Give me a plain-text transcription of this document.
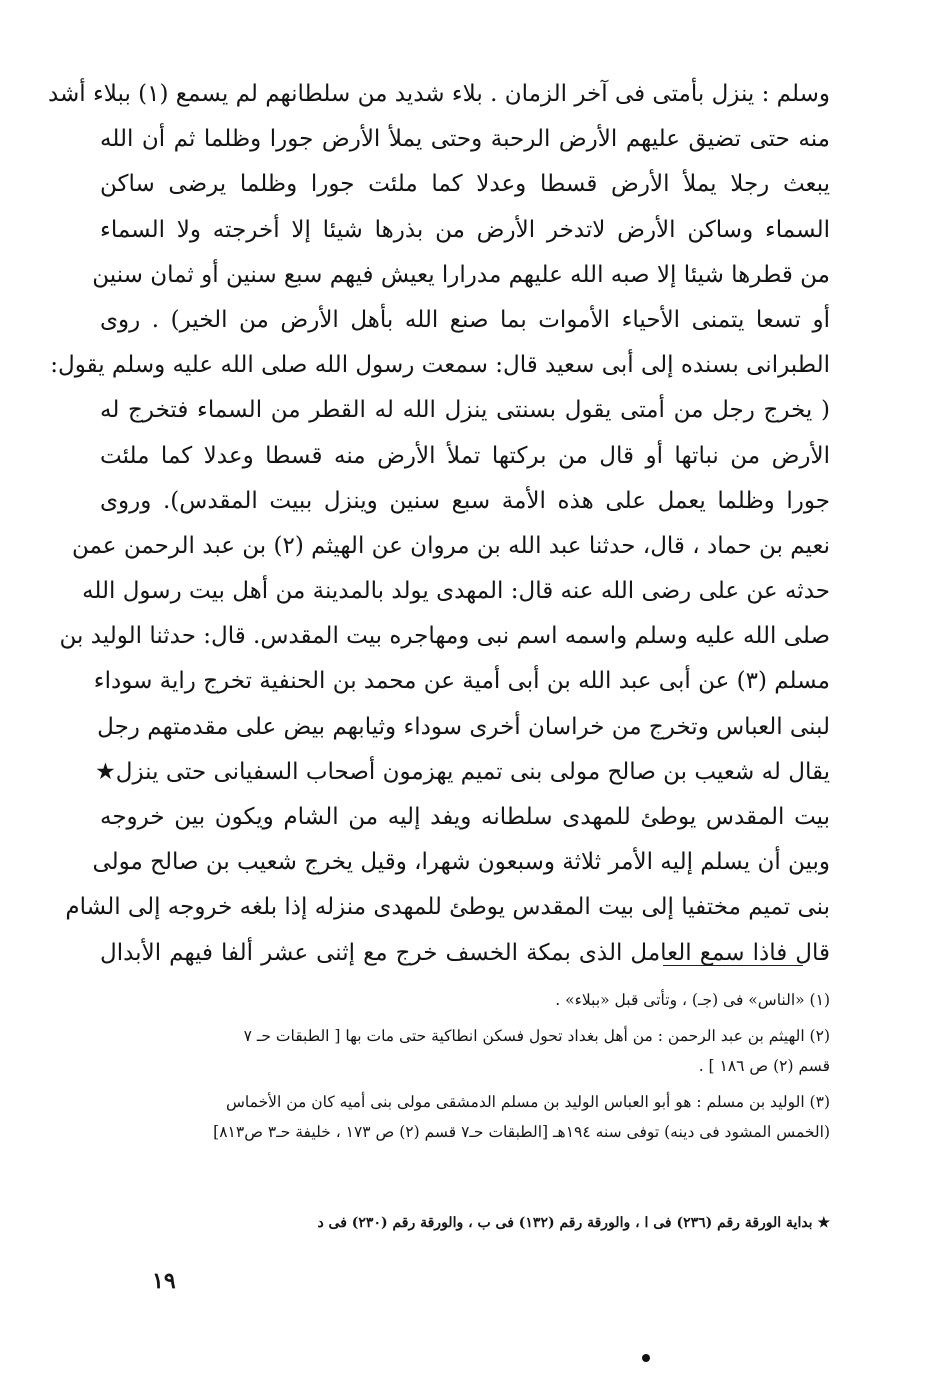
وسلم : ينزل بأمتى فى آخر الزمان . بلاء شديد من سلطانهم لم يسمع (١) ببلاء أشد
منه حتى تضيق عليهم الأرض الرحبة وحتى يملأ الأرض جورا وظلما ثم أن الله
يبعث رجلا يملأ الأرض قسطا وعدلا كما ملئت جورا وظلما يرضى ساكن
السماء وساكن الأرض لاتدخر الأرض من بذرها شيئا إلا أخرجته ولا السماء
من قطرها شيئا إلا صبه الله عليهم مدرارا يعيش فيهم سبع سنين أو ثمان سنين
أو تسعا يتمنى الأحياء الأموات بما صنع الله بأهل الأرض من الخير) . روى
الطبرانى بسنده إلى أبى سعيد قال: سمعت رسول الله صلى الله عليه وسلم يقول:
( يخرج رجل من أمتى يقول بسنتى ينزل الله له القطر من السماء فتخرج له
الأرض من نباتها أو قال من بركتها تملأ الأرض منه قسطا وعدلا كما ملئت
جورا وظلما يعمل على هذه الأمة سبع سنين وينزل ببيت المقدس). وروى
نعيم بن حماد ، قال، حدثنا عبد الله بن مروان عن الهيثم (٢) بن عبد الرحمن عمن
حدثه عن على رضى الله عنه قال: المهدى يولد بالمدينة من أهل بيت رسول الله
صلى الله عليه وسلم واسمه اسم نبى ومهاجره بيت المقدس. قال: حدثنا الوليد بن
مسلم (٣) عن أبى عبد الله بن أبى أمية عن محمد بن الحنفية تخرج راية سوداء
لبنى العباس وتخرج من خراسان أخرى سوداء وثيابهم بيض على مقدمتهم رجل
يقال له شعيب بن صالح مولى بنى تميم يهزمون أصحاب السفيانى حتى ينزل★
بيت المقدس يوطئ للمهدى سلطانه ويفد إليه من الشام ويكون بين خروجه
وبين أن يسلم إليه الأمر ثلاثة وسبعون شهرا، وقيل يخرج شعيب بن صالح مولى
بنى تميم مختفيا إلى بيت المقدس يوطئ للمهدى منزله إذا بلغه خروجه إلى الشام
قال فاذا سمع العامل الذى بمكة الخسف خرج مع إثنى عشر ألفا فيهم الأبدال
(١) «الناس» فى (جـ) ، وتأتى قبل «ببلاء» .
(٢) الهيثم بن عبد الرحمن : من أهل بغداد تحول فسكن انطاكية حتى مات بها [ الطبقات حـ ٧
قسم (٢) ص ١٨٦ ] .
(٣) الوليد بن مسلم : هو أبو العباس الوليد بن مسلم الدمشقى مولى بنى أميه كان من الأخماس
(الخمس المشود فى دينه) توفى سنه ١٩٤هـ [الطبقات حـ٧ قسم (٢) ص ١٧٣ ، خليفة حـ٣ ص٨١٣]
★ بداية الورقة رقم (٢٣٦) فى ا ، والورقة رقم (١٣٢) فى ب ، والورقة رقم (٢٣٠) فى د
١٩
